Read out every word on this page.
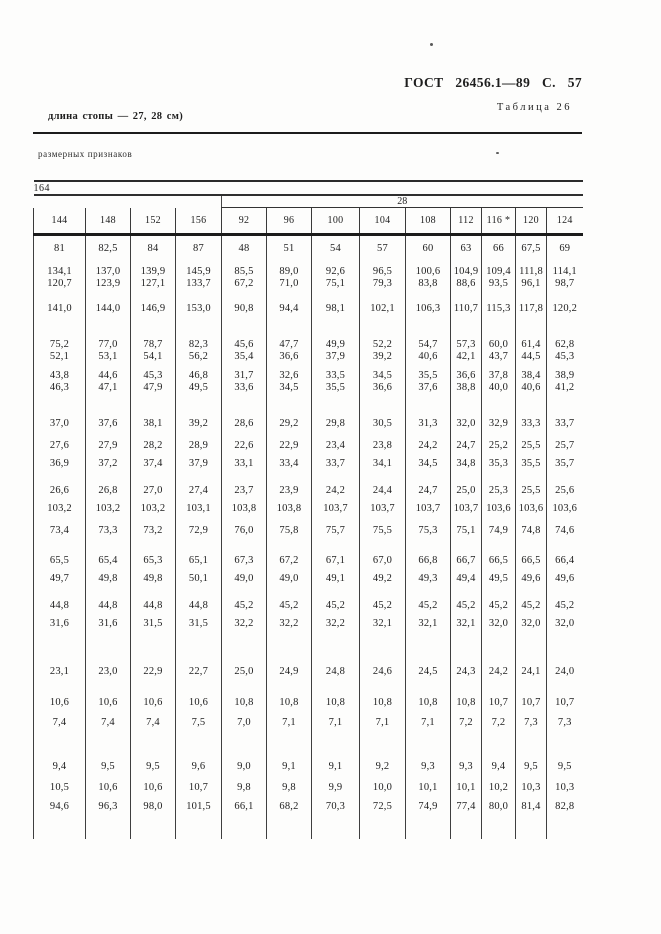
ГОСТ 26456.1—89 С. 57
Таблица 26
длина стопы — 27, 28 см)
размерных признаков
164												
				28								
144	148	152	156	92	96	100	104	108	112	116 *	120	124
81	82,5	84	87	48	51	54	57	60	63	66	67,5	69
134,1	137,0	139,9	145,9	85,5	89,0	92,6	96,5	100,6	104,9	109,4	111,8	114,1
120,7	123,9	127,1	133,7	67,2	71,0	75,1	79,3	83,8	88,6	93,5	96,1	98,7
141,0	144,0	146,9	153,0	90,8	94,4	98,1	102,1	106,3	110,7	115,3	117,8	120,2
75,2	77,0	78,7	82,3	45,6	47,7	49,9	52,2	54,7	57,3	60,0	61,4	62,8
52,1	53,1	54,1	56,2	35,4	36,6	37,9	39,2	40,6	42,1	43,7	44,5	45,3
43,8	44,6	45,3	46,8	31,7	32,6	33,5	34,5	35,5	36,6	37,8	38,4	38,9
46,3	47,1	47,9	49,5	33,6	34,5	35,5	36,6	37,6	38,8	40,0	40,6	41,2
37,0	37,6	38,1	39,2	28,6	29,2	29,8	30,5	31,3	32,0	32,9	33,3	33,7
27,6	27,9	28,2	28,9	22,6	22,9	23,4	23,8	24,2	24,7	25,2	25,5	25,7
36,9	37,2	37,4	37,9	33,1	33,4	33,7	34,1	34,5	34,8	35,3	35,5	35,7
26,6	26,8	27,0	27,4	23,7	23,9	24,2	24,4	24,7	25,0	25,3	25,5	25,6
103,2	103,2	103,2	103,1	103,8	103,8	103,7	103,7	103,7	103,7	103,6	103,6	103,6
73,4	73,3	73,2	72,9	76,0	75,8	75,7	75,5	75,3	75,1	74,9	74,8	74,6
65,5	65,4	65,3	65,1	67,3	67,2	67,1	67,0	66,8	66,7	66,5	66,5	66,4
49,7	49,8	49,8	50,1	49,0	49,0	49,1	49,2	49,3	49,4	49,5	49,6	49,6
44,8	44,8	44,8	44,8	45,2	45,2	45,2	45,2	45,2	45,2	45,2	45,2	45,2
31,6	31,6	31,5	31,5	32,2	32,2	32,2	32,1	32,1	32,1	32,0	32,0	32,0
23,1	23,0	22,9	22,7	25,0	24,9	24,8	24,6	24,5	24,3	24,2	24,1	24,0
10,6	10,6	10,6	10,6	10,8	10,8	10,8	10,8	10,8	10,8	10,7	10,7	10,7
7,4	7,4	7,4	7,5	7,0	7,1	7,1	7,1	7,1	7,2	7,2	7,3	7,3
9,4	9,5	9,5	9,6	9,0	9,1	9,1	9,2	9,3	9,3	9,4	9,5	9,5
10,5	10,6	10,6	10,7	9,8	9,8	9,9	10,0	10,1	10,1	10,2	10,3	10,3
94,6	96,3	98,0	101,5	66,1	68,2	70,3	72,5	74,9	77,4	80,0	81,4	82,8
